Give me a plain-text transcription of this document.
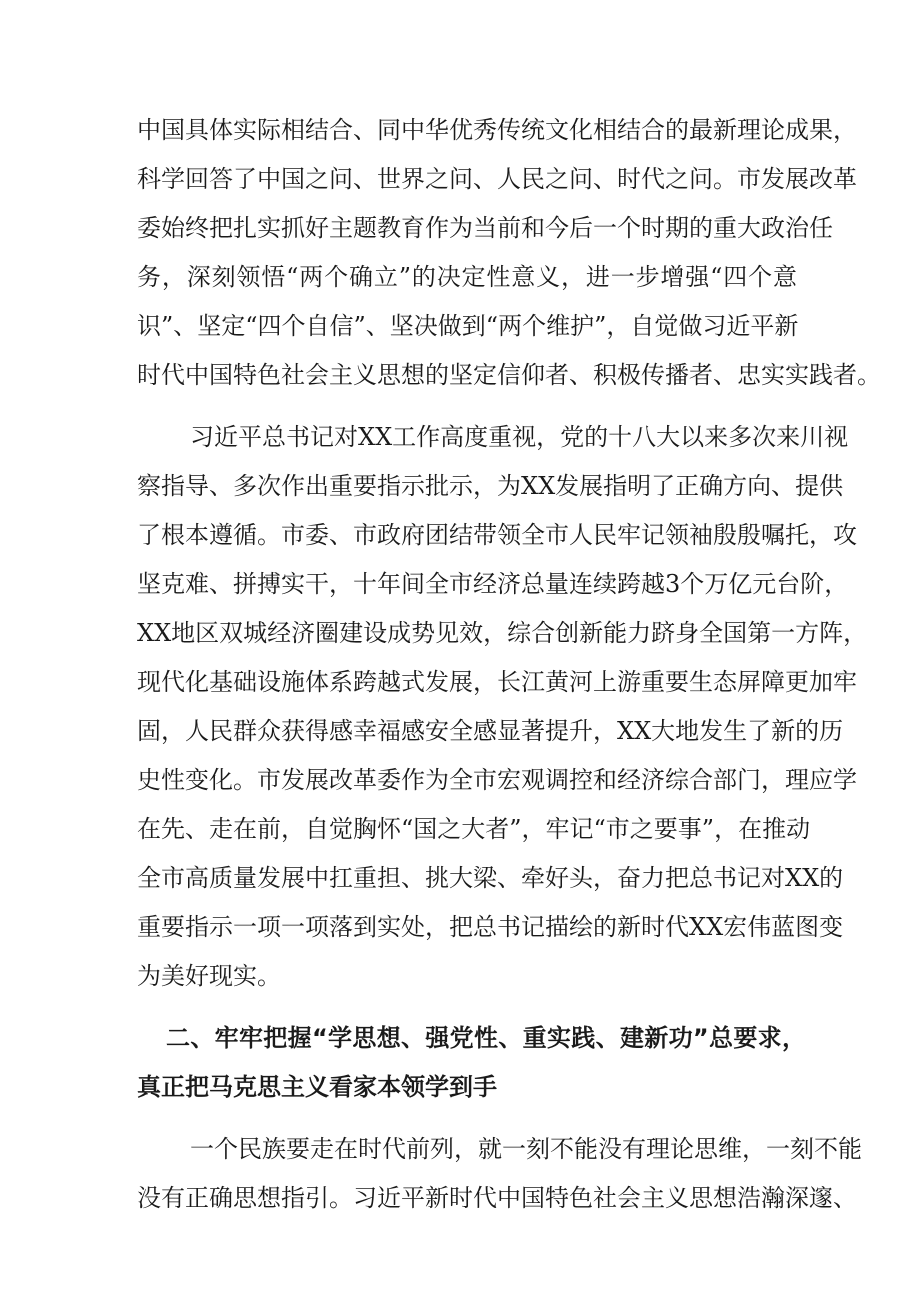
中国具体实际相结合、同中华优秀传统文化相结合的最新理论成果，
科学回答了中国之问、世界之问、人民之问、时代之问。市发展改革
委始终把扎实抓好主题教育作为当前和今后一个时期的重大政治任
务，深刻领悟“两个确立”的决定性意义，进一步增强“四个意
识”、坚定“四个自信”、坚决做到“两个维护”，自觉做习近平新
时代中国特色社会主义思想的坚定信仰者、积极传播者、忠实实践者。
习近平总书记对XX工作高度重视，党的十八大以来多次来川视
察指导、多次作出重要指示批示，为XX发展指明了正确方向、提供
了根本遵循。市委、市政府团结带领全市人民牢记领袖殷殷嘱托，攻
坚克难、拼搏实干，十年间全市经济总量连续跨越3个万亿元台阶，
XX地区双城经济圈建设成势见效，综合创新能力跻身全国第一方阵，
现代化基础设施体系跨越式发展，长江黄河上游重要生态屏障更加牢
固，人民群众获得感幸福感安全感显著提升，XX大地发生了新的历
史性变化。市发展改革委作为全市宏观调控和经济综合部门，理应学
在先、走在前，自觉胸怀“国之大者”，牢记“市之要事”，在推动
全市高质量发展中扛重担、挑大梁、牵好头，奋力把总书记对XX的
重要指示一项一项落到实处，把总书记描绘的新时代XX宏伟蓝图变
为美好现实。
二、牢牢把握“学思想、强党性、重实践、建新功”总要求，
真正把马克思主义看家本领学到手
一个民族要走在时代前列，就一刻不能没有理论思维，一刻不能
没有正确思想指引。习近平新时代中国特色社会主义思想浩瀚深邃、
